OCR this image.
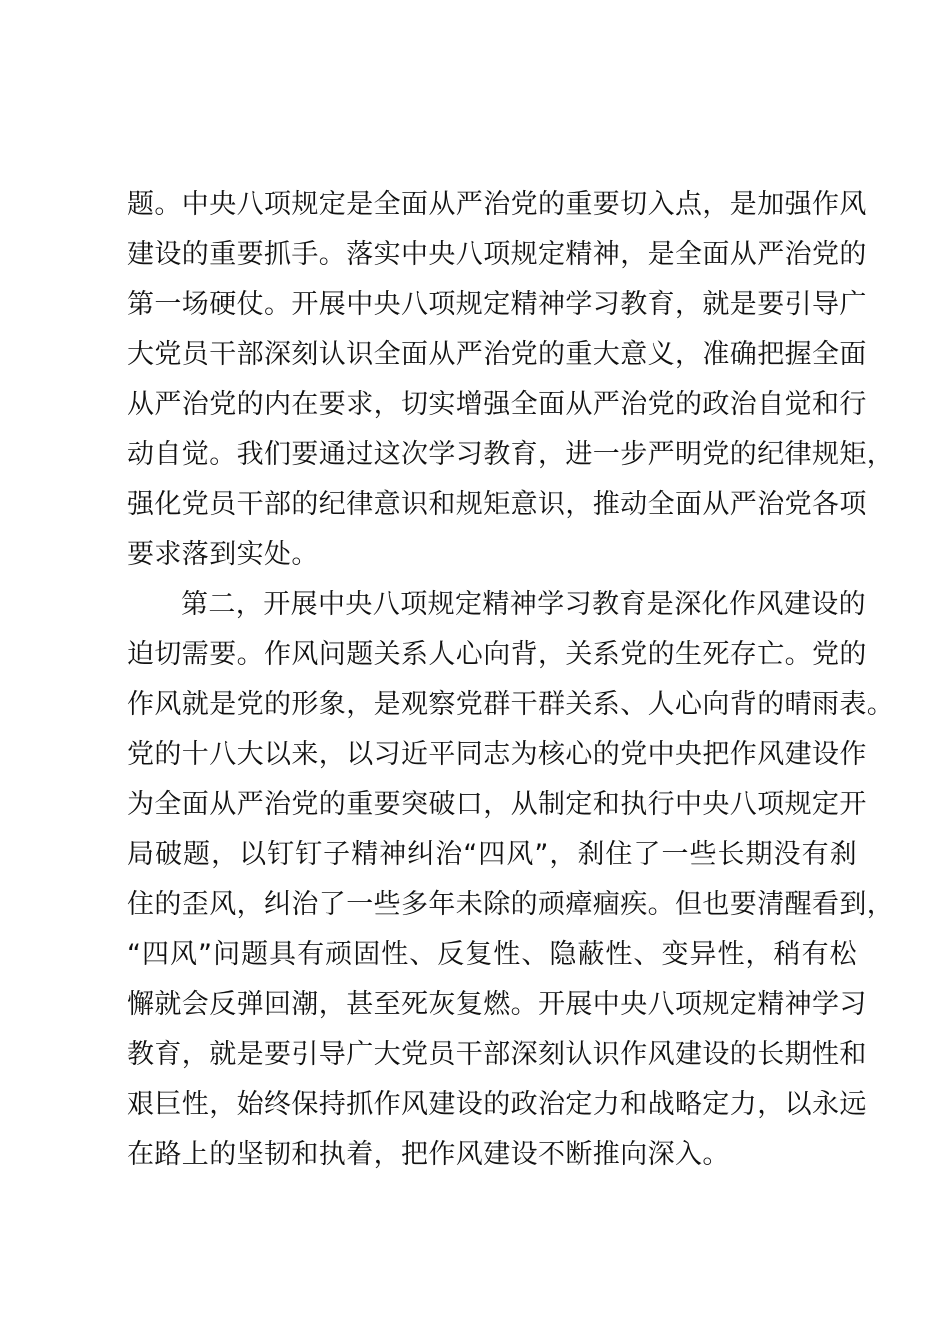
题。中央八项规定是全面从严治党的重要切入点，是加强作风
建设的重要抓手。落实中央八项规定精神，是全面从严治党的
第一场硬仗。开展中央八项规定精神学习教育，就是要引导广
大党员干部深刻认识全面从严治党的重大意义，准确把握全面
从严治党的内在要求，切实增强全面从严治党的政治自觉和行
动自觉。我们要通过这次学习教育，进一步严明党的纪律规矩，
强化党员干部的纪律意识和规矩意识，推动全面从严治党各项
要求落到实处。
第二，开展中央八项规定精神学习教育是深化作风建设的
迫切需要。作风问题关系人心向背，关系党的生死存亡。党的
作风就是党的形象，是观察党群干群关系、人心向背的晴雨表。
党的十八大以来，以习近平同志为核心的党中央把作风建设作
为全面从严治党的重要突破口，从制定和执行中央八项规定开
局破题，以钉钉子精神纠治“四风”，刹住了一些长期没有刹
住的歪风，纠治了一些多年未除的顽瘴痼疾。但也要清醒看到，
“四风”问题具有顽固性、反复性、隐蔽性、变异性，稍有松
懈就会反弹回潮，甚至死灰复燃。开展中央八项规定精神学习
教育，就是要引导广大党员干部深刻认识作风建设的长期性和
艰巨性，始终保持抓作风建设的政治定力和战略定力，以永远
在路上的坚韧和执着，把作风建设不断推向深入。
